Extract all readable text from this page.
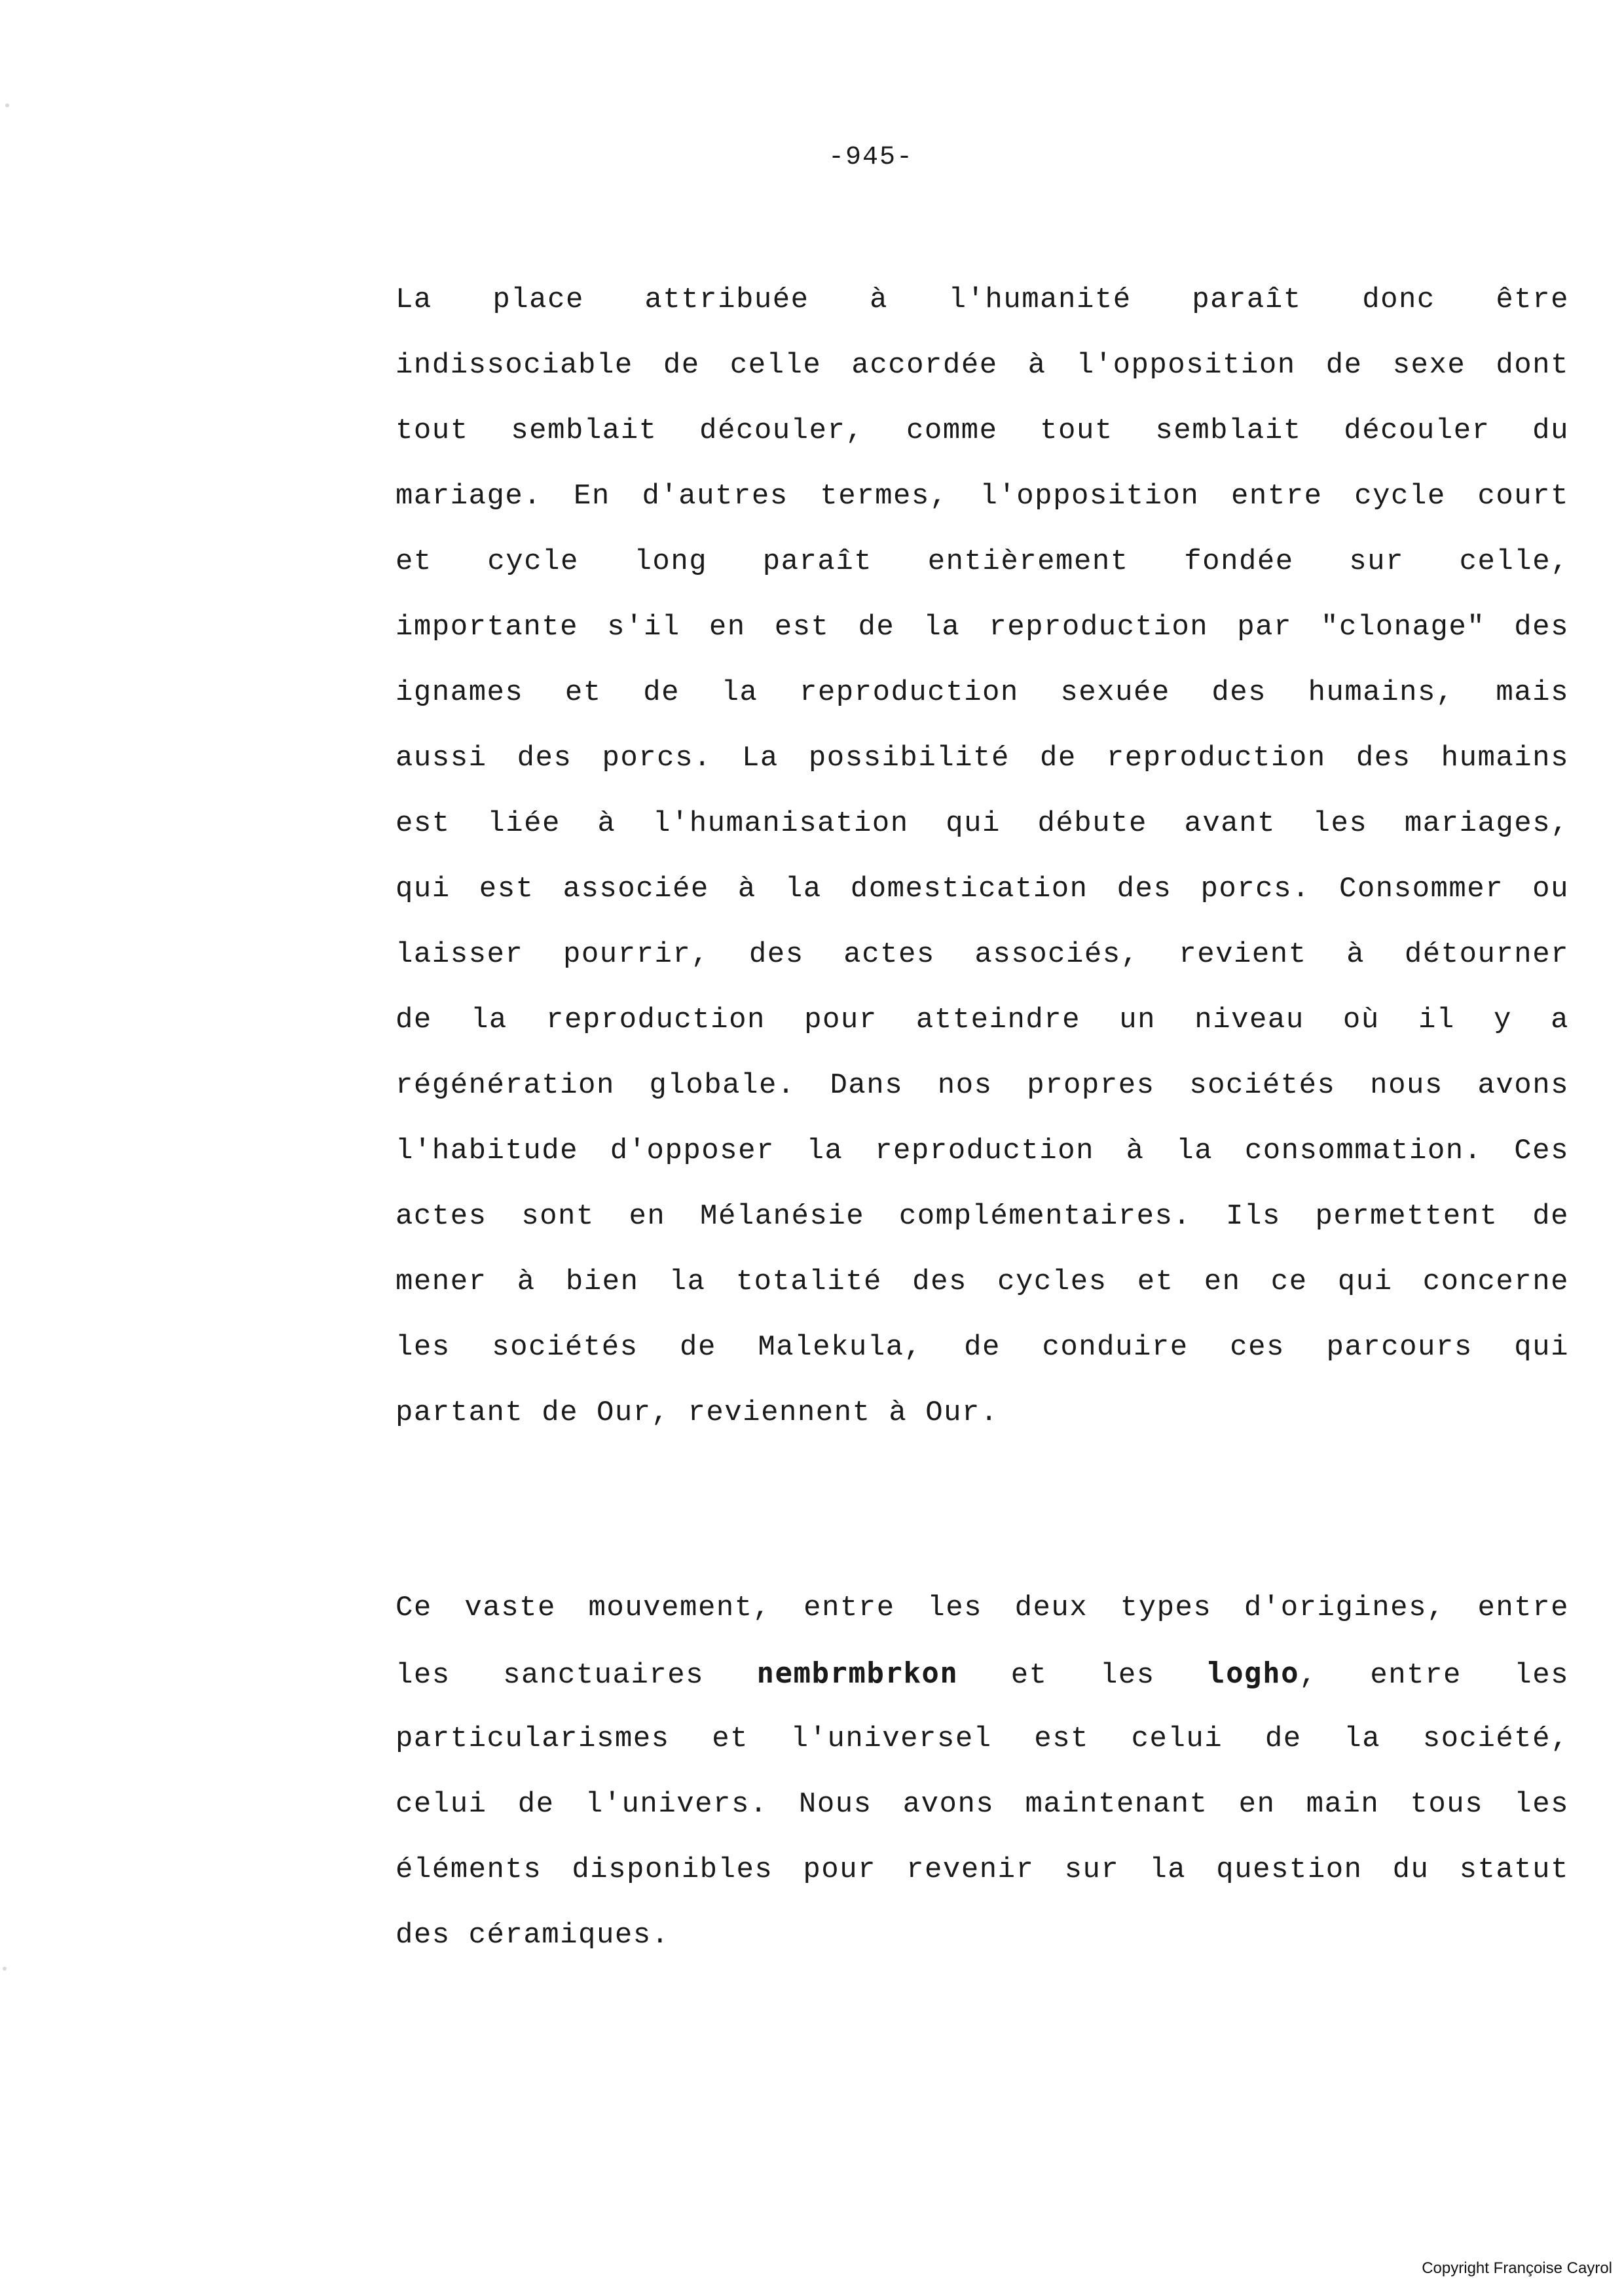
-945-
La place attribuée à l'humanité paraît donc être
indissociable de celle accordée à l'opposition de sexe dont
tout semblait découler, comme tout semblait découler du
mariage. En d'autres termes, l'opposition entre cycle court
et cycle long paraît entièrement fondée sur celle,
importante s'il en est de la reproduction par "clonage" des
ignames et de la reproduction sexuée des humains, mais
aussi des porcs. La possibilité de reproduction des humains
est liée à l'humanisation qui débute avant les mariages,
qui est associée à la domestication des porcs. Consommer ou
laisser pourrir, des actes associés, revient à détourner
de la reproduction pour atteindre un niveau où il y a
régénération globale. Dans nos propres sociétés nous avons
l'habitude d'opposer la reproduction à la consommation. Ces
actes sont en Mélanésie complémentaires. Ils permettent de
mener à bien la totalité des cycles et en ce qui concerne
les sociétés de Malekula, de conduire ces parcours qui
partant de Our, reviennent à Our.
Ce vaste mouvement, entre les deux types d'origines, entre
les sanctuaires nembrmbrkon et les logho, entre les
particularismes et l'universel est celui de la société,
celui de l'univers. Nous avons maintenant en main tous les
éléments disponibles pour revenir sur la question du statut
des céramiques.
Copyright Françoise Cayrol
